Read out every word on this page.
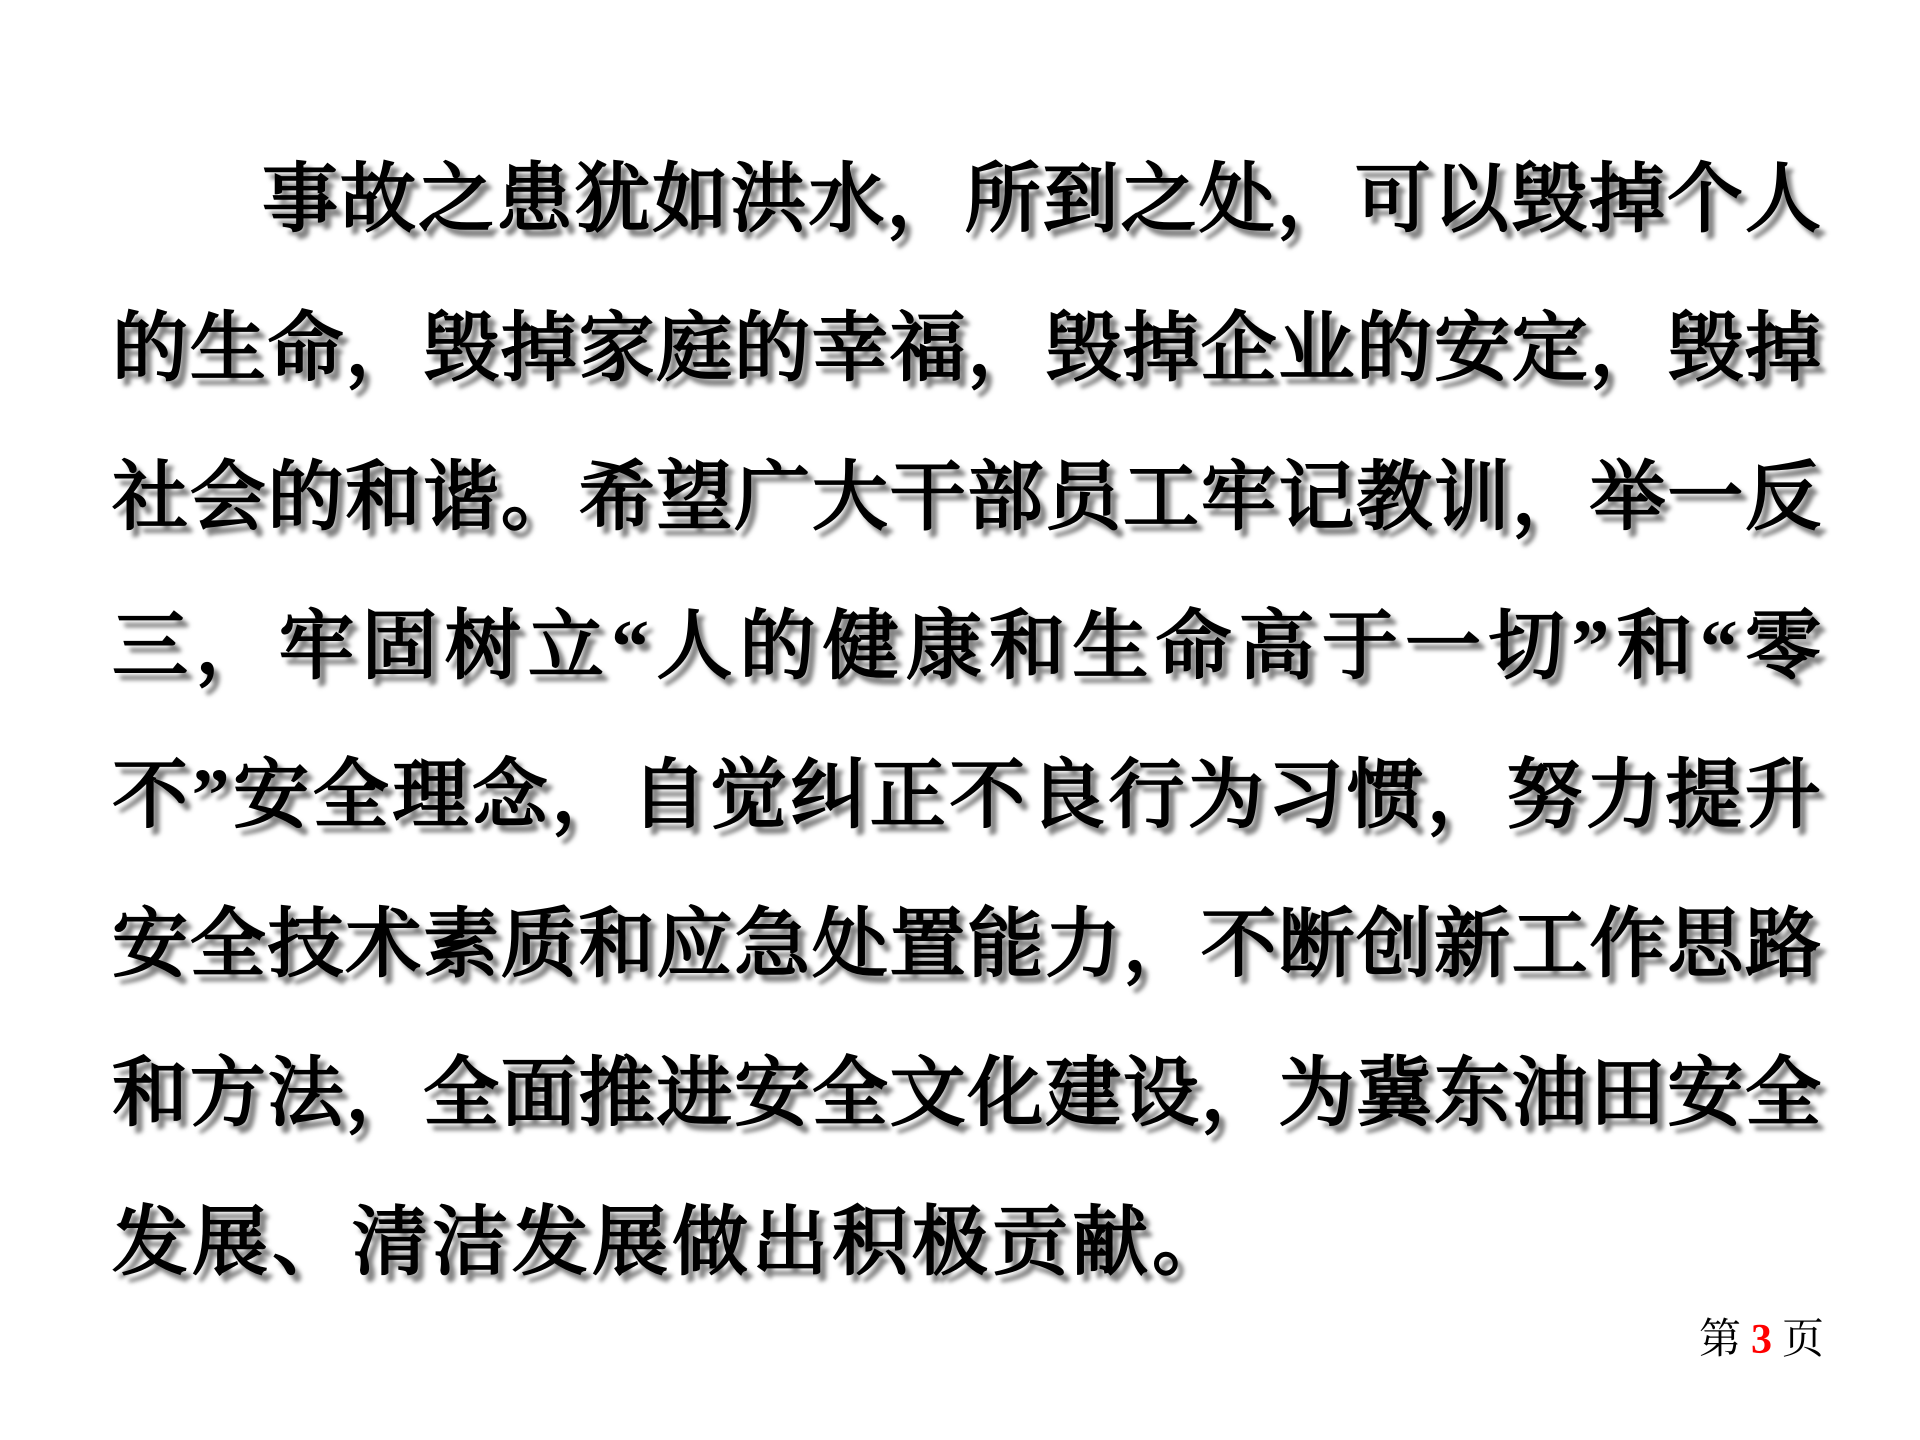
事故之患犹如洪水，所到之处，可以毁掉个人
的生命，毁掉家庭的幸福，毁掉企业的安定，毁掉
社会的和谐。希望广大干部员工牢记教训，举一反
三，牢固树立“人的健康和生命高于一切”和“零
不”安全理念，自觉纠正不良行为习惯，努力提升
安全技术素质和应急处置能力，不断创新工作思路
和方法，全面推进安全文化建设，为冀东油田安全
发展、清洁发展做出积极贡献。
第 3 页
